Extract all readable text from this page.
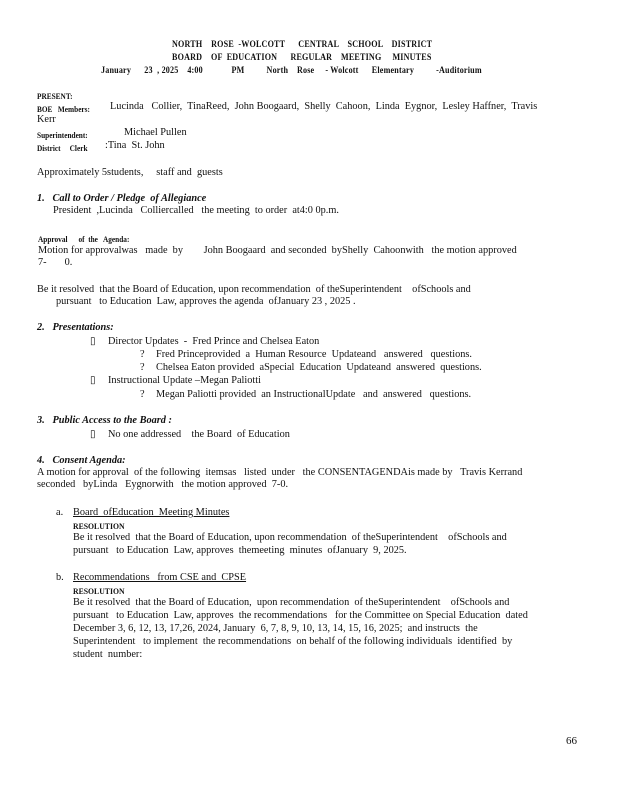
NORTH    ROSE  -WOLCOTT      CENTRAL    SCHOOL    DISTRICT
BOARD    OF  EDUCATION      REGULAR    MEETING     MINUTES
January      23  , 2025    4:00             PM          North    Rose     - Wolcott      Elementary          -Auditorium
PRESENT:
BOE   Members: Lucinda   Collier,  TinaReed,  John Boogaard,  Shelly  Cahoon,  Linda  Eygnor,  Lesley Haffner,  Travis
Kerr
Superintendent:	Michael Pullen
District     Clerk :Tina  St. John
Approximately 5students,     staff and  guests
1.   Call to Order / Pledge  of Allegiance
President  ,Lucinda   Colliercalled   the meeting  to order  at4:0 0p.m.
Approval      of  the   Agenda:
Motion for approvalwas   made  by        John Boogaard  and seconded  byShelly  Cahoonwith   the motion approved
7-       0.
Be it resolved  that the Board of Education, upon recommendation  of theSuperintendent    ofSchools and
pursuant   to Education  Law, approves the agenda  ofJanuary 23 , 2025 .
2.   Presentations:
▯ Director Updates  -  Fred Prince and Chelsea Eaton
? Fred Princeprovided  a  Human Resource  Updateand   answered   questions.
? Chelsea Eaton provided  aSpecial  Education  Updateand  answered  questions.
▯ Instructional Update –Megan Paliotti
? Megan Paliotti provided  an InstructionalUpdate   and  answered   questions.
3.   Public Access to the Board :
▯ No one addressed    the Board  of Education
4.   Consent Agenda:
A motion for approval  of the following  itemsas   listed  under   the CONSENTAGENDAis made by   Travis Kerrand
seconded   byLinda   Eygnorwith   the motion approved  7-0.
a. Board  ofEducation  Meeting Minutes
RESOLUTION
Be it resolved  that the Board of Education, upon recommendation  of theSuperintendent    ofSchools and
pursuant   to Education  Law, approves  themeeting  minutes  ofJanuary  9, 2025.
b. Recommendations   from CSE and  CPSE
RESOLUTION
Be it resolved  that the Board of Education,  upon recommendation  of theSuperintendent    ofSchools and
pursuant   to Education  Law, approves  the recommendations   for the Committee on Special Education  dated
December 3, 6, 12, 13, 17,26, 2024, January  6, 7, 8, 9, 10, 13, 14, 15, 16, 2025;  and instructs  the
Superintendent   to implement  the recommendations  on behalf of the following individuals  identified  by
student  number:
66
